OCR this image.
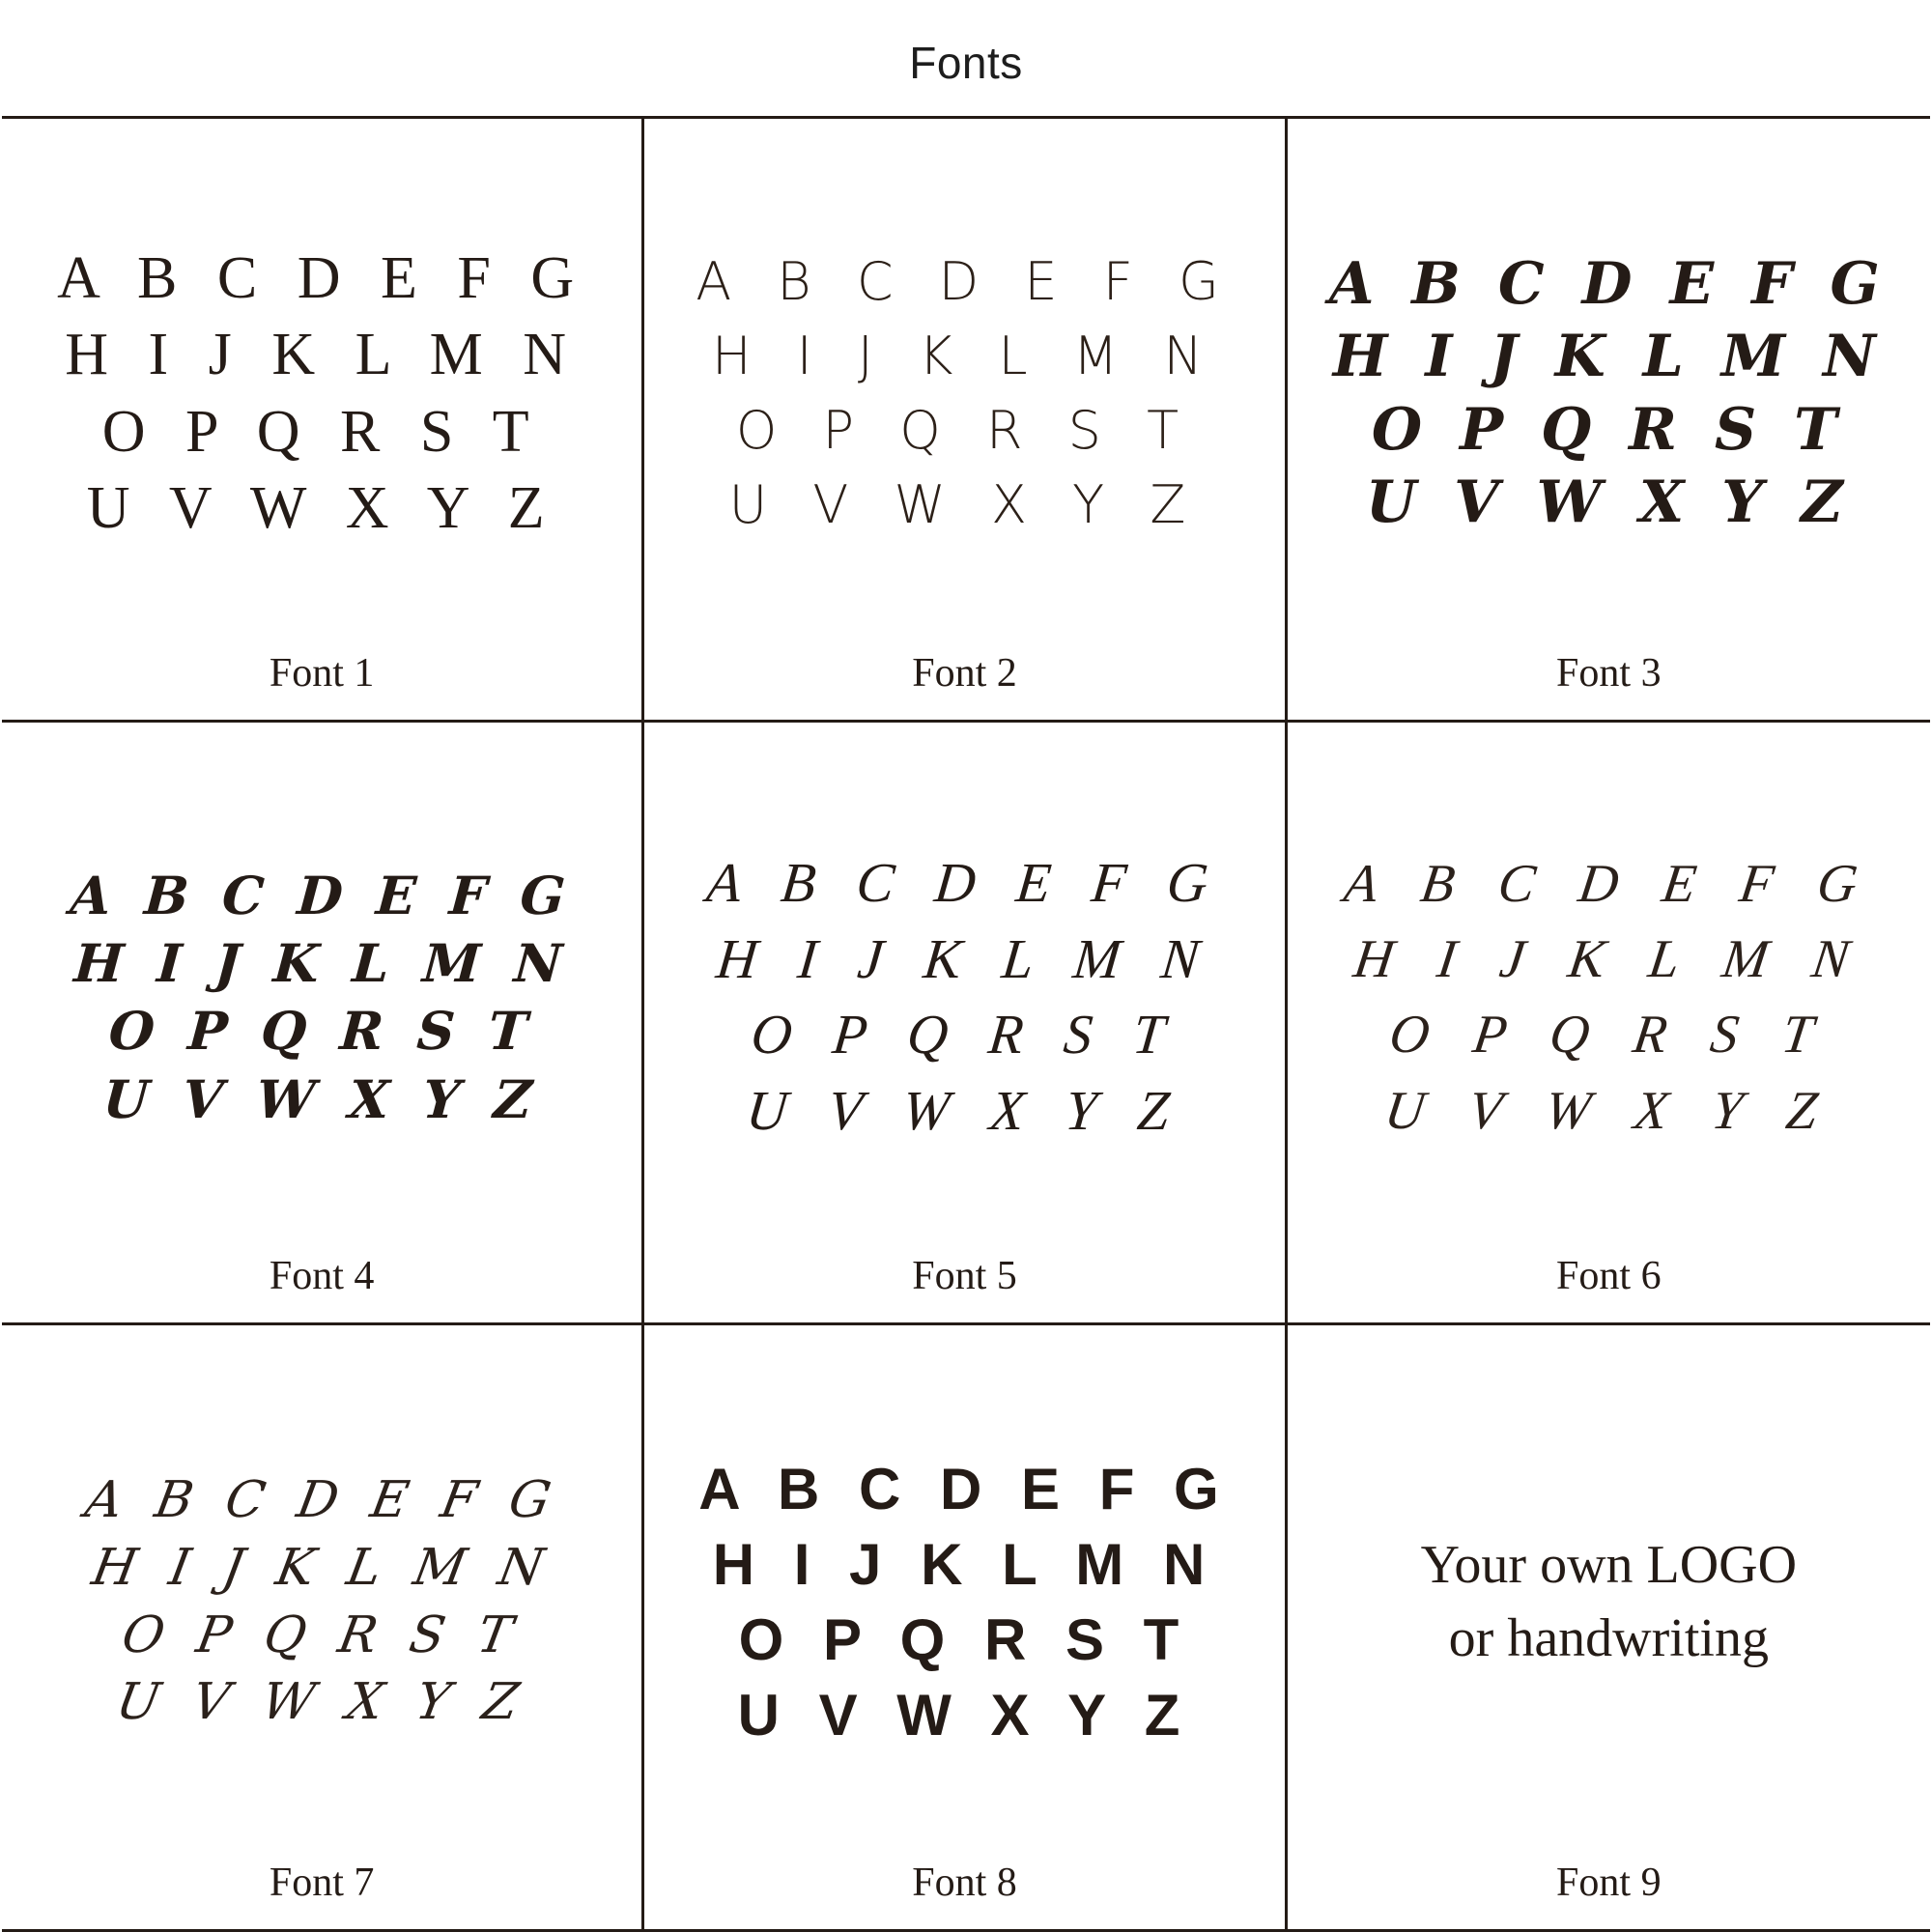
Fonts
A B C D E F G
H I J K L M N
O P Q R S T
U V W X Y Z
Font 1
A B C D E F G
H I J K L M N
O P Q R S T
U V W X Y Z
Font 2
A B C D E F G
H I J K L M N
O P Q R S T
U V W X Y Z
Font 3
A B C D E F G
H I J K L M N
O P Q R S T
U V W X Y Z
Font 4
A B C D E F G
H I J K L M N
O P Q R S T
U V W X Y Z
Font 5
A B C D E F G
H I J K L M N
O P Q R S T
U V W X Y Z
Font 6
A B C D E F G
H I J K L M N
O P Q R S T
U V W X Y Z
Font 7
A B C D E F G
H I J K L M N
O P Q R S T
U V W X Y Z
Font 8
Your own LOGO
or handwriting
Font 9
